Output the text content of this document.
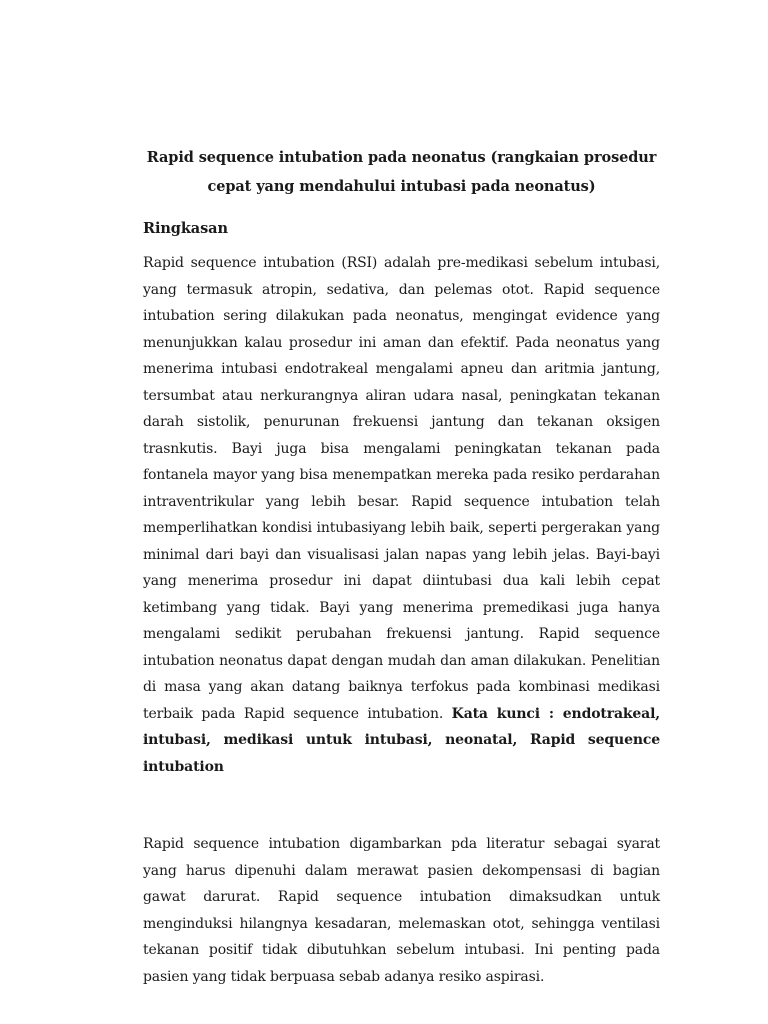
Rapid sequence intubation pada neonatus (rangkaian prosedur cepat yang mendahului intubasi pada neonatus)
Ringkasan

Rapid sequence intubation (RSI) adalah pre-medikasi sebelum intubasi, yang termasuk atropin, sedativa, dan pelemas otot. Rapid sequence intubation sering dilakukan pada neonatus, mengingat evidence yang menunjukkan kalau prosedur ini aman dan efektif. Pada neonatus yang menerima intubasi endotrakeal mengalami apneu dan aritmia jantung, tersumbat atau nerkurangnya aliran udara nasal, peningkatan tekanan darah sistolik, penurunan frekuensi jantung dan tekanan oksigen trasnkutis. Bayi juga bisa mengalami peningkatan tekanan pada fontanela mayor yang bisa menempatkan mereka pada resiko perdarahan intraventrikular yang lebih besar. Rapid sequence intubation telah memperlihatkan kondisi intubasiyang lebih baik, seperti pergerakan yang minimal dari bayi dan visualisasi jalan napas yang lebih jelas. Bayi-bayi yang menerima prosedur ini dapat diintubasi dua kali lebih cepat ketimbang yang tidak. Bayi yang menerima premedikasi juga hanya mengalami sedikit perubahan frekuensi jantung. Rapid sequence intubation neonatus dapat dengan mudah dan aman dilakukan. Penelitian di masa yang akan datang baiknya terfokus pada kombinasi medikasi terbaik pada Rapid sequence intubation. Kata kunci : endotrakeal, intubasi, medikasi untuk intubasi, neonatal, Rapid sequence intubation

Rapid sequence intubation digambarkan pda literatur sebagai syarat yang harus dipenuhi dalam merawat pasien dekompensasi di bagian gawat darurat. Rapid sequence intubation dimaksudkan untuk menginduksi hilangnya kesadaran, melemaskan otot, sehingga ventilasi tekanan positif tidak dibutuhkan sebelum intubasi. Ini penting pada pasien yang tidak berpuasa sebab adanya resiko aspirasi.
